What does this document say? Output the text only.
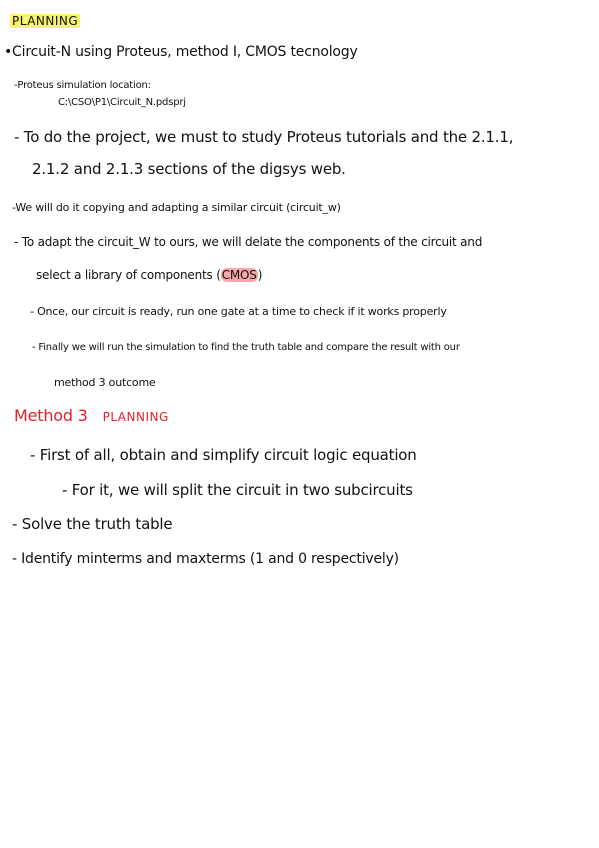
PLANNING
•Circuit-N using Proteus, method I, CMOS tecnology
-Proteus simulation location:
C:\CSO\P1\Circuit_N.pdsprj
- To do the project, we must to study Proteus tutorials and the 2.1.1,
2.1.2 and 2.1.3 sections of the digsys web.
-We will do it copying and adapting a similar circuit (circuit_w)
- To adapt the circuit_W to ours, we will delate the components of the circuit and
select a library of components (CMOS)
- Once, our circuit is ready, run one gate at a time to check if it works properly
- Finally we will run the simulation to find the truth table and compare the result with our
method 3 outcome
Method 3 PLANNING
- First of all, obtain and simplify circuit logic equation
- For it, we will split the circuit in two subcircuits
- Solve the truth table
- Identify minterms and maxterms (1 and 0 respectively)
